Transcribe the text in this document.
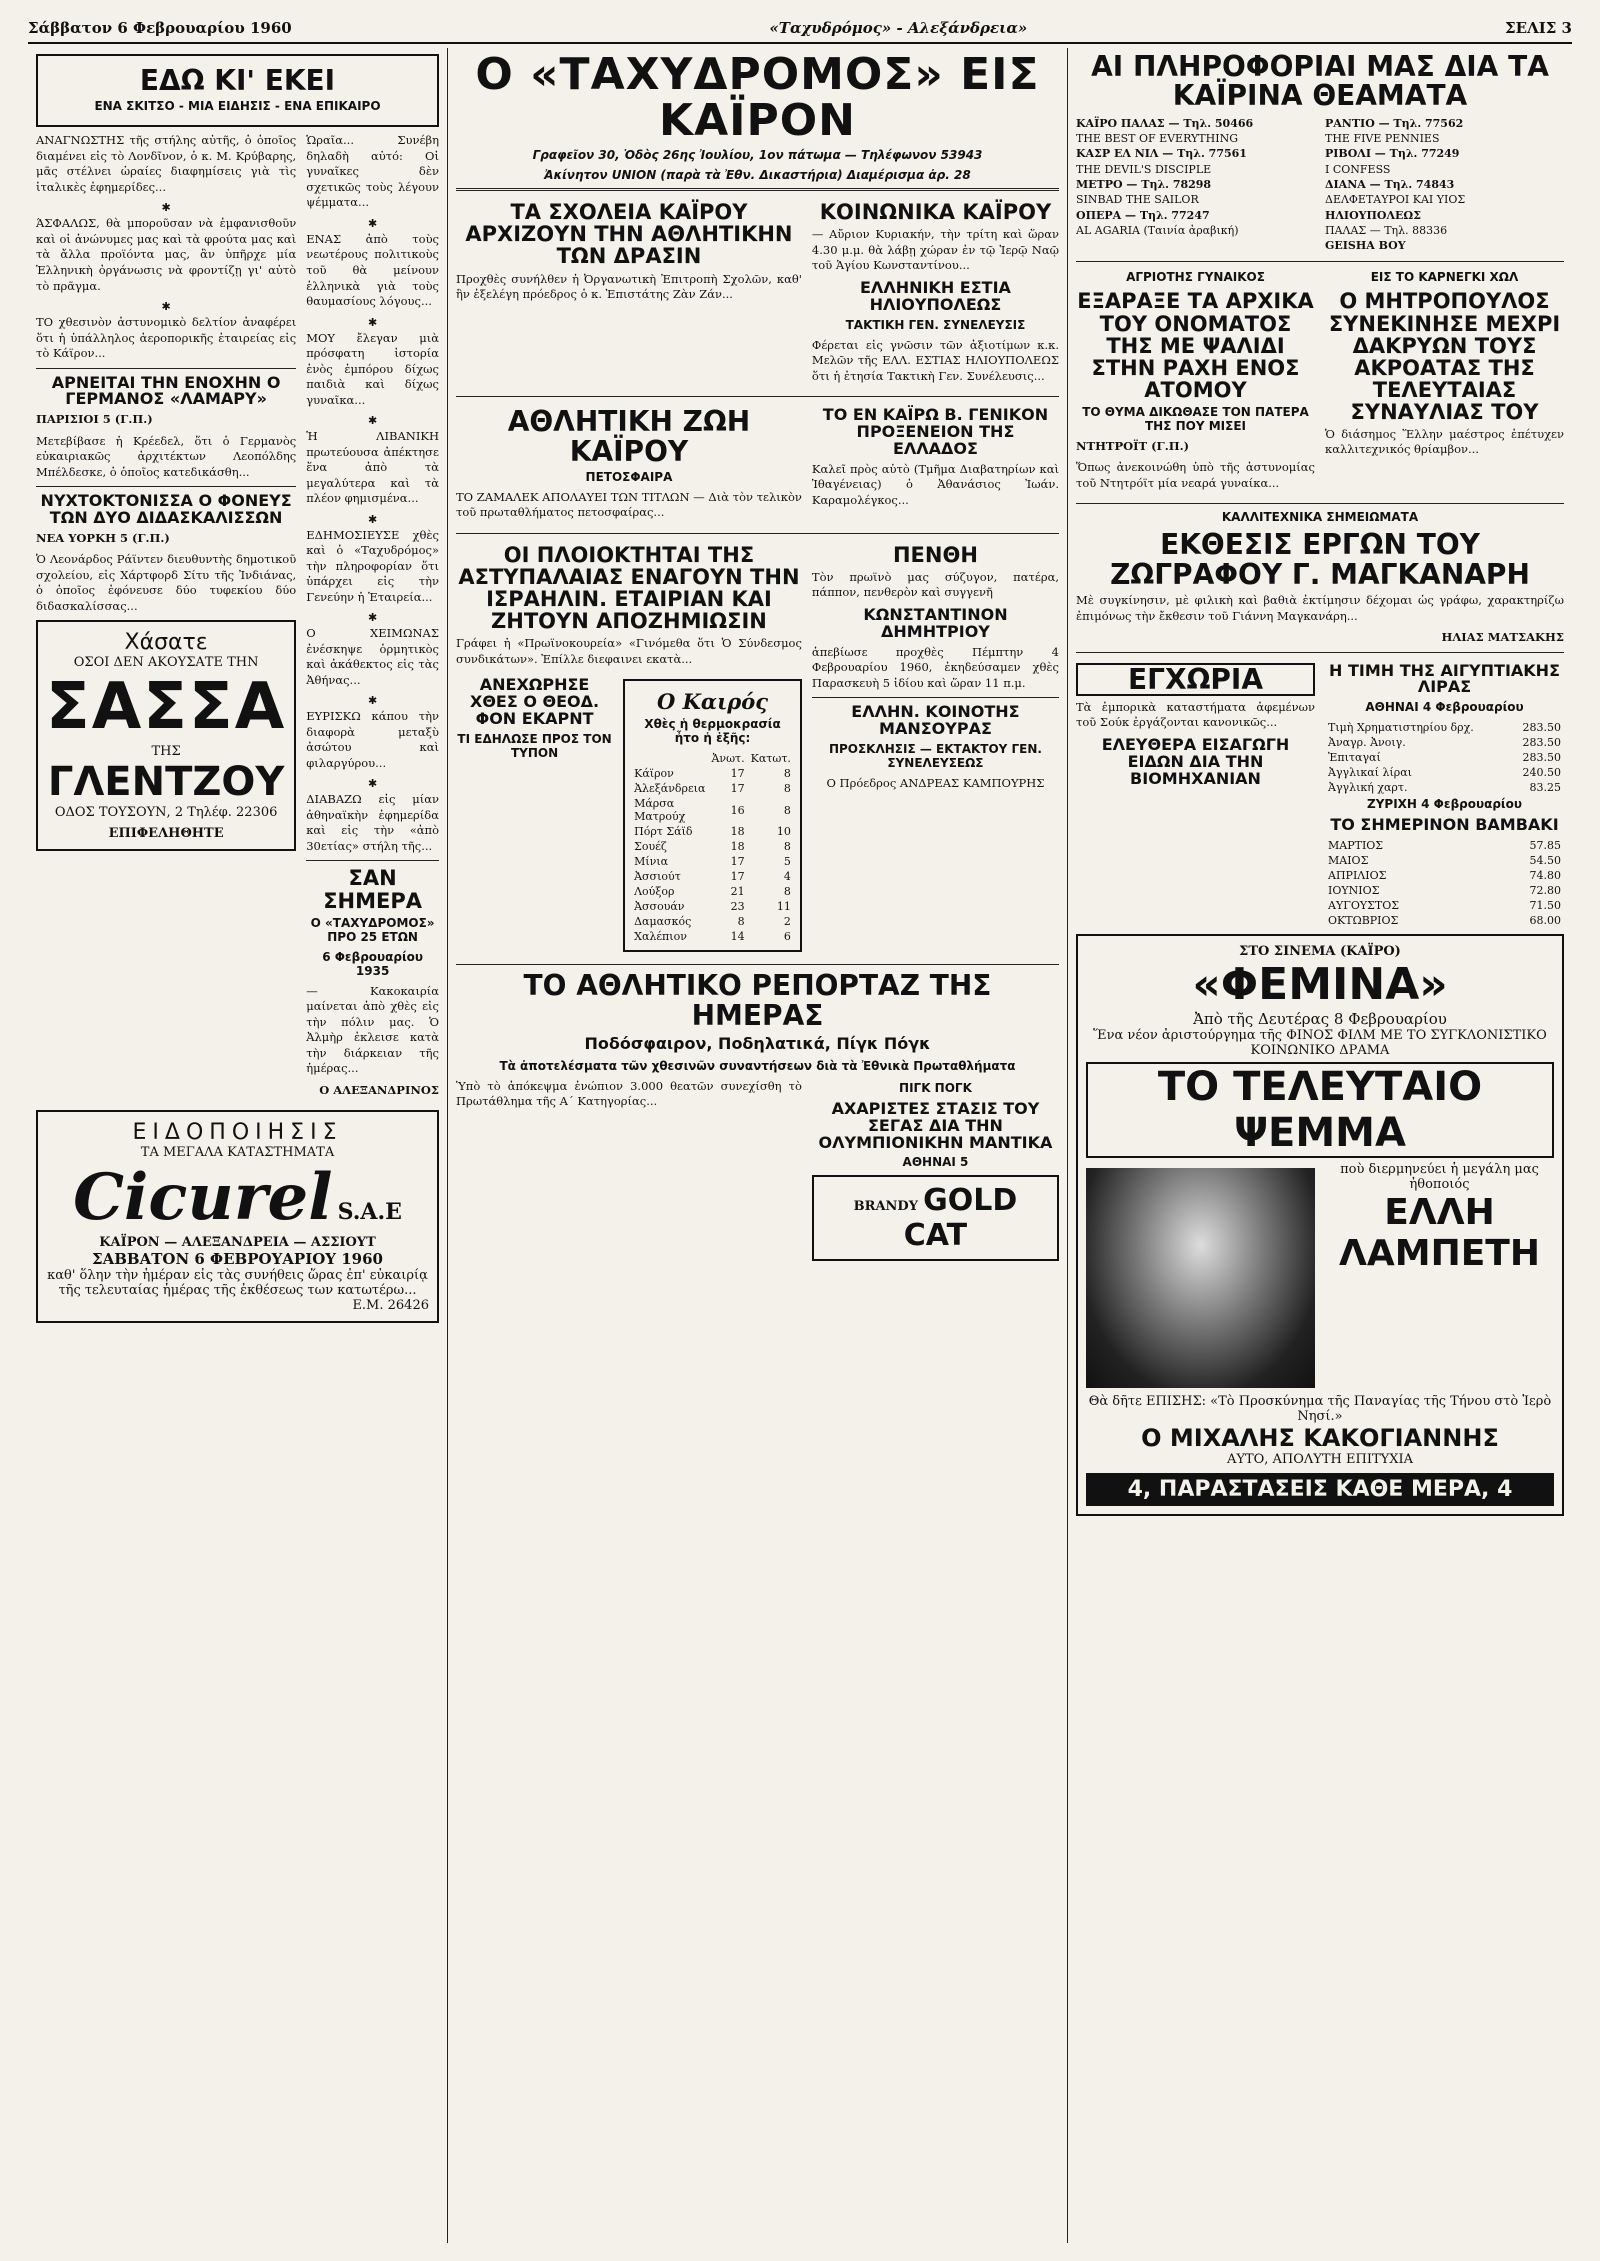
Σάββατον 6 Φεβρουαρίου 1960	«Ταχυδρόμος» - Αλεξάνδρεια»	ΣΕΛΙΣ 3
ΕΔΩ ΚΙ' ΕΚΕΙ
ΕΝΑ ΣΚΙΤΣΟ - ΜΙΑ ΕΙΔΗΣΙΣ - ΕΝΑ ΕΠΙΚΑΙΡΟ

ΑΝΑΓΝΩΣΤΗΣ τῆς στήλης αὐτῆς, ὁ ὁποῖος διαμένει εἰς τὸ Λονδῖνον, ὁ κ. Μ. Κρύβαρης, μᾶς στέλνει ὡραίες διαφημίσεις γιὰ τὶς ἰταλικὲς ἐφημερίδες...

✱

ΆΣΦΑΛΩΣ, θὰ μποροῦσαν νὰ ἐμφανισθοῦν καὶ οἱ ἀνώνυμες μας καὶ τὰ φρούτα μας καὶ τὰ ἄλλα προϊόντα μας, ἂν ὑπῆρχε μία Ἑλληνικὴ ὀργάνωσις νὰ φροντίζῃ γι' αὐτὸ τὸ πρᾶγμα.

✱

ΤΟ χθεσινὸν ἀστυνομικὸ δελτίον ἀναφέρει ὅτι ἡ ὑπάλληλος ἀεροπορικῆς ἑταιρείας εἰς τὸ Κάϊρον...

ΑΡΝΕΙΤΑΙ ΤΗΝ ΕΝΟΧΗΝ Ο ΓΕΡΜΑΝΟΣ «ΛΑΜΑΡΥ»

ΠΑΡΙΣΙΟΙ 5 (Γ.Π.)

Μετεβίβασε ἡ Κρέεδελ, ὅτι ὁ Γερμανὸς εὐκαιριακῶς ἀρχιτέκτων Λεοπόλδης Μπέλδεσκε, ὁ ὁποῖος κατεδικάσθη...

ΝΥΧΤΟΚΤΟΝΙΣΣΑ Ο ΦΟΝΕΥΣ ΤΩΝ ΔΥΟ ΔΙΔΑΣΚΑΛΙΣΣΩΝ

ΝΕΑ ΥΟΡΚΗ 5 (Γ.Π.)

Ὁ Λεονάρδος Ράϊντεν διευθυντὴς δημοτικοῦ σχολείου, εἰς Χάρτφορδ Σίτυ τῆς Ἰνδιάνας, ὁ ὁποῖος ἐφόνευσε δύο τυφεκίου δύο διδασκαλίσσας...

Χάσατε
ΟΣΟΙ ΔΕΝ ΑΚΟΥΣΑΤΕ ΤΗΝ
ΣΑΣΣΑ
ΤΗΣ
ΓΛΕΝΤΖΟΥ
ΟΔΟΣ ΤΟΥΣΟΥΝ, 2 Τηλέφ. 22306
ΕΠΙΦΕΛΗΘΗΤΕ

Ὡραῖα... Συνέβη δηλαδὴ αὐτό: Οἱ γυναῖκες δὲν σχετικῶς τοὺς λέγουν ψέμματα...

✱

ΕΝΑΣ ἀπὸ τοὺς νεωτέρους πολιτικοὺς τοῦ θὰ μείνουν ἑλληνικὰ γιὰ τοὺς θαυμασίους λόγους...

✱

ΜΟΥ ἔλεγαν μιὰ πρόσφατη ἱστορία ἑνὸς ἐμπόρου δίχως παιδιὰ καὶ δίχως γυναῖκα...

✱

Ἡ ΛΙΒΑΝΙΚΗ πρωτεύουσα ἀπέκτησε ἕνα ἀπὸ τὰ μεγαλύτερα καὶ τὰ πλέον φημισμένα...

✱

ΕΔΗΜΟΣΙΕΥΣΕ χθὲς καὶ ὁ «Ταχυδρόμος» τὴν πληροφορίαν ὅτι ὑπάρχει εἰς τὴν Γενεύην ἡ Ἑταιρεία...

✱

Ο ΧΕΙΜΩΝΑΣ ἐνέσκηψε ὁρμητικὸς καὶ ἀκάθεκτος εἰς τὰς Ἀθήνας...

✱

ΕΥΡΙΣΚΩ κάπου τὴν διαφορὰ μεταξὺ ἀσώτου καὶ φιλαργύρου...

✱

ΔΙΑΒΑΖΩ εἰς μίαν ἀθηναϊκὴν ἐφημερίδα καὶ εἰς τὴν «ἀπὸ 30ετίας» στήλη τῆς...

ΣΑΝ ΣΗΜΕΡΑ
Ο «ΤΑΧΥΔΡΟΜΟΣ» ΠΡΟ 25 ΕΤΩΝ
6 Φεβρουαρίου 1935

— Κακοκαιρία μαίνεται ἀπὸ χθὲς εἰς τὴν πόλιν μας. Ὁ Ἀλμὴρ ἐκλεισε κατὰ τὴν διάρκειαν τῆς ἡμέρας...

Ο ΑΛΕΞΑΝΔΡΙΝΟΣ

ΕΙΔΟΠΟΙΗΣΙΣ
ΤΑ ΜΕΓΑΛΑ ΚΑΤΑΣΤΗΜΑΤΑ
Cicurel S.A.E
ΚΑΪΡΟΝ — ΑΛΕΞΑΝΔΡΕΙΑ — ΑΣΣΙΟΥΤ
ΣΑΒΒΑΤΟΝ 6 ΦΕΒΡΟΥΑΡΙΟΥ 1960
καθ' ὅλην τὴν ἡμέραν εἰς τὰς συνήθεις ὥρας ἐπ' εὐκαιρίᾳ τῆς τελευταίας ἡμέρας τῆς ἐκθέσεως των κατωτέρω...
Ε.Μ. 26426
Ο «ΤΑΧΥΔΡΟΜΟΣ» ΕΙΣ ΚΑΪΡΟΝ
Γραφεῖον 30, Ὁδὸς 26ης Ἰουλίου, 1ον πάτωμα — Τηλέφωνον 53943
Ἀκίνητον UNION (παρὰ τὰ Ἐθν. Δικαστήρια) Διαμέρισμα ἀρ. 28
ΤΑ ΣΧΟΛΕΙΑ ΚΑΪΡΟΥ ΑΡΧΙΖΟΥΝ ΤΗΝ ΑΘΛΗΤΙΚΗΝ ΤΩΝ ΔΡΑΣΙΝ

Προχθὲς συνήλθεν ἡ Ὀργανωτικὴ Ἐπιτροπὴ Σχολῶν, καθ' ἣν ἐξελέγη πρόεδρος ὁ κ. Ἐπιστάτης Ζὰν Ζάν...

ΚΟΙΝΩΝΙΚΑ ΚΑΪΡΟΥ

— Αὔριον Κυριακήν, τὴν τρίτη καὶ ὥραν 4.30 μ.μ. θὰ λάβῃ χώραν ἐν τῷ Ἱερῷ Ναῷ τοῦ Ἁγίου Κωνσταντίνου...

ΕΛΛΗΝΙΚΗ ΕΣΤΙΑ ΗΛΙΟΥΠΟΛΕΩΣ
ΤΑΚΤΙΚΗ ΓΕΝ. ΣΥΝΕΛΕΥΣΙΣ

Φέρεται εἰς γνῶσιν τῶν ἀξιοτίμων κ.κ. Μελῶν τῆς ΕΛΛ. ΕΣΤΙΑΣ ΗΛΙΟΥΠΟΛΕΩΣ ὅτι ἡ ἐτησία Τακτικὴ Γεν. Συνέλευσις...

ΑΘΛΗΤΙΚΗ ΖΩΗ ΚΑΪΡΟΥ
ΠΕΤΟΣΦΑΙΡΑ

ΤΟ ΖΑΜΑΛΕΚ ΑΠΟΛΑΥΕΙ ΤΩΝ ΤΙΤΛΩΝ — Διὰ τὸν τελικὸν τοῦ πρωταθλήματος πετοσφαίρας...

ΤΟ ΕΝ ΚΑΪΡΩ Β. ΓΕΝΙΚΟΝ ΠΡΟΞΕΝΕΙΟΝ ΤΗΣ ΕΛΛΑΔΟΣ

Καλεῖ πρὸς αὐτὸ (Τμῆμα Διαβατηρίων καὶ Ἰθαγένειας) ὁ Ἀθανάσιος Ἰωάν. Καραμολέγκος...

ΟΙ ΠΛΟΙΟΚΤΗΤΑΙ ΤΗΣ ΑΣΤΥΠΑΛΑΙΑΣ ΕΝΑΓΟΥΝ ΤΗΝ ΙΣΡΑΗΛΙΝ. ΕΤΑΙΡΙΑΝ ΚΑΙ ΖΗΤΟΥΝ ΑΠΟΖΗΜΙΩΣΙΝ

Γράφει ἡ «Πρωϊνοκουρεία» «Γινόμεθα ὅτι Ὁ Σύνδεσμος συνδικάτων». Ἐπίλλε διεφαινει εκατὰ...

ΑΝΕΧΩΡΗΣΕ ΧΘΕΣ Ο ΘΕΟΔ. ΦΟΝ ΕΚΑΡΝΤ
ΤΙ ΕΔΗΛΩΣΕ ΠΡΟΣ ΤΟΝ ΤΥΠΟΝ
Ο Καιρός
Χθὲς ἡ θερμοκρασία ἦτο ἡ ἑξῆς:
	Ἀνωτ.	Κατωτ.
Κάϊρον	17	8
Ἀλεξάνδρεια	17	8
Μάρσα Ματρούχ	16	8
Πόρτ Σάϊδ	18	10
Σουέζ	18	8
Μίνια	17	5
Ἀσσιούτ	17	4
Λούξορ	21	8
Ἀσσουάν	23	11
Δαμασκός	8	2
Χαλέπιον	14	6
ΠΕΝΘΗ

Τὸν πρωϊνὸ μας σύζυγον, πατέρα, πάππον, πενθερὸν καὶ συγγενῆ

ΚΩΝΣΤΑΝΤΙΝΟΝ ΔΗΜΗΤΡΙΟΥ

ἀπεβίωσε προχθὲς Πέμπτην 4 Φεβρουαρίου 1960, ἐκηδεύσαμεν χθὲς Παρασκευὴ 5 ἰδίου καὶ ὥραν 11 π.μ.

ΕΛΛΗΝ. ΚΟΙΝΟΤΗΣ ΜΑΝΣΟΥΡΑΣ
ΠΡΟΣΚΛΗΣΙΣ — ΕΚΤΑΚΤΟΥ ΓΕΝ. ΣΥΝΕΛΕΥΣΕΩΣ

Ο Πρόεδρος ΑΝΔΡΕΑΣ ΚΑΜΠΟΥΡΗΣ

ΤΟ ΑΘΛΗΤΙΚΟ ΡΕΠΟΡΤΑΖ ΤΗΣ ΗΜΕΡΑΣ
Ποδόσφαιρον, Ποδηλατικά, Πίγκ Πόγκ
Τὰ ἀποτελέσματα τῶν χθεσινῶν συναντήσεων διὰ τὰ Ἐθνικὰ Πρωταθλήματα

Ὑπὸ τὸ ἀπόκεψμα ἐνώπιον 3.000 θεατῶν συνεχίσθη τὸ Πρωτάθλημα τῆς Α΄ Κατηγορίας...

ΠΙΓΚ ΠΟΓΚ
ΑΧΑΡΙΣΤΕΣ ΣΤΑΣΙΣ ΤΟΥ ΣΕΓΑΣ ΔΙΑ ΤΗΝ ΟΛΥΜΠΙΟΝΙΚΗΝ ΜΑΝΤΙΚΑ
ΑΘΗΝΑΙ 5
BRANDY GOLD CAT
ΑΙ ΠΛΗΡΟΦΟΡΙΑΙ ΜΑΣ ΔΙΑ ΤΑ ΚΑΪΡΙΝΑ ΘΕΑΜΑΤΑ
ΚΑΪΡΟ ΠΑΛΑΣ — Τηλ. 50466
THE BEST OF EVERYTHING
ΚΑΣΡ ΕΛ ΝΙΛ — Τηλ. 77561
THE DEVIL'S DISCIPLE
ΜΕΤΡΟ — Τηλ. 78298
SINBAD THE SAILOR
ΟΠΕΡΑ — Τηλ. 77247
AL AGARIA (Ταινία ἀραβική)
ΡΑΝΤΙΟ — Τηλ. 77562
THE FIVE PENNIES
ΡΙΒΟΛΙ — Τηλ. 77249
I CONFESS
ΔΙΑΝΑ — Τηλ. 74843
ΔΕΛΦΕΤΑΥΡΟΙ ΚΑΙ ΥΙΟΣ
ΗΛΙΟΥΠΟΛΕΩΣ
ΠΑΛΑΣ — Τηλ. 88336
GEISHA BOY
ΑΓΡΙΟΤΗΣ ΓΥΝΑΙΚΟΣ
ΕΞΑΡΑΞΕ ΤΑ ΑΡΧΙΚΑ ΤΟΥ ΟΝΟΜΑΤΟΣ ΤΗΣ ΜΕ ΨΑΛΙΔΙ ΣΤΗΝ ΡΑΧΗ ΕΝΟΣ ΑΤΟΜΟΥ
ΤΟ ΘΥΜΑ ΔΙΚΩΘΑΣΕ ΤΟΝ ΠΑΤΕΡΑ ΤΗΣ ΠΟΥ ΜΙΣΕΙ

ΝΤΗΤΡΟΪΤ (Γ.Π.)

Ὅπως ἀνεκοινώθη ὑπὸ τῆς ἀστυνομίας τοῦ Ντητρόϊτ μία νεαρά γυναίκα...

ΕΙΣ ΤΟ ΚΑΡΝΕΓΚΙ ΧΩΛ
Ο ΜΗΤΡΟΠΟΥΛΟΣ ΣΥΝΕΚΙΝΗΣΕ ΜΕΧΡΙ ΔΑΚΡΥΩΝ ΤΟΥΣ ΑΚΡΟΑΤΑΣ ΤΗΣ ΤΕΛΕΥΤΑΙΑΣ ΣΥΝΑΥΛΙΑΣ ΤΟΥ

Ὁ διάσημος Ἕλλην μαέστρος ἐπέτυχεν καλλιτεχνικός θρίαμβον...

ΚΑΛΛΙΤΕΧΝΙΚΑ ΣΗΜΕΙΩΜΑΤΑ
ΕΚΘΕΣΙΣ ΕΡΓΩΝ ΤΟΥ ΖΩΓΡΑΦΟΥ Γ. ΜΑΓΚΑΝΑΡΗ

Μὲ συγκίνησιν, μὲ φιλικὴ καὶ βαθιὰ ἐκτίμησιν δέχομαι ὡς γράφω, χαρακτηρίζω ἐπιμόνως τὴν ἔκθεσιν τοῦ Γιάννη Μαγκανάρη...

ΗΛΙΑΣ ΜΑΤΣΑΚΗΣ

ΕΓΧΩΡΙΑ

Τὰ ἐμπορικὰ καταστήματα ἀφεμένων τοῦ Σούκ ἐργάζονται κανονικῶς...

ΕΛΕΥΘΕΡΑ ΕΙΣΑΓΩΓΗ ΕΙΔΩΝ ΔΙΑ ΤΗΝ ΒΙΟΜΗΧΑΝΙΑΝ
Η ΤΙΜΗ ΤΗΣ ΑΙΓΥΠΤΙΑΚΗΣ ΛΙΡΑΣ
ΑΘΗΝΑΙ 4 Φεβρουαρίου
Τιμὴ Χρηματιστηρίου δρχ.	283.50
Ἀναγρ. Ἀνοιγ.	283.50
Ἐπιταγαί	283.50
Ἀγγλικαί λίραι	240.50
Ἀγγλική χαρτ.	83.25
ΖΥΡΙΧΗ 4 Φεβρουαρίου
ΤΟ ΣΗΜΕΡΙΝΟΝ ΒΑΜΒΑΚΙ
ΜΑΡΤΙΟΣ	57.85
ΜΑΙΟΣ	54.50
ΑΠΡΙΛΙΟΣ	74.80
ΙΟΥΝΙΟΣ	72.80
ΑΥΓΟΥΣΤΟΣ	71.50
ΟΚΤΩΒΡΙΟΣ	68.00
ΣΤΟ ΣΙΝΕΜΑ (ΚΑΪΡΟ)
«ΦΕΜΙΝΑ»
Ἀπὸ τῆς Δευτέρας 8 Φεβρουαρίου
Ἕνα νέον ἀριστούργημα τῆς ΦΙΝΟΣ ΦΙΛΜ ΜΕ ΤΟ ΣΥΓΚΛΟΝΙΣΤΙΚΟ ΚΟΙΝΩΝΙΚΟ ΔΡΑΜΑ
ΤΟ ΤΕΛΕΥΤΑΙΟ ΨΕΜΜΑ
ποὺ διερμηνεύει ἡ μεγάλη μας ἠθοποιός
ΕΛΛΗ ΛΑΜΠΕΤΗ
Θὰ δῆτε ΕΠΙΣΗΣ: «Τὸ Προσκύνημα τῆς Παναγίας τῆς Τήνου στὸ Ἱερὸ Νησί.»
Ο ΜΙΧΑΛΗΣ ΚΑΚΟΓΙΑΝΝΗΣ
ΑΥΤΟ, ΑΠΟΛΥΤΗ ΕΠΙΤΥΧΙΑ
4, ΠΑΡΑΣΤΑΣΕΙΣ ΚΑΘΕ ΜΕΡΑ, 4
